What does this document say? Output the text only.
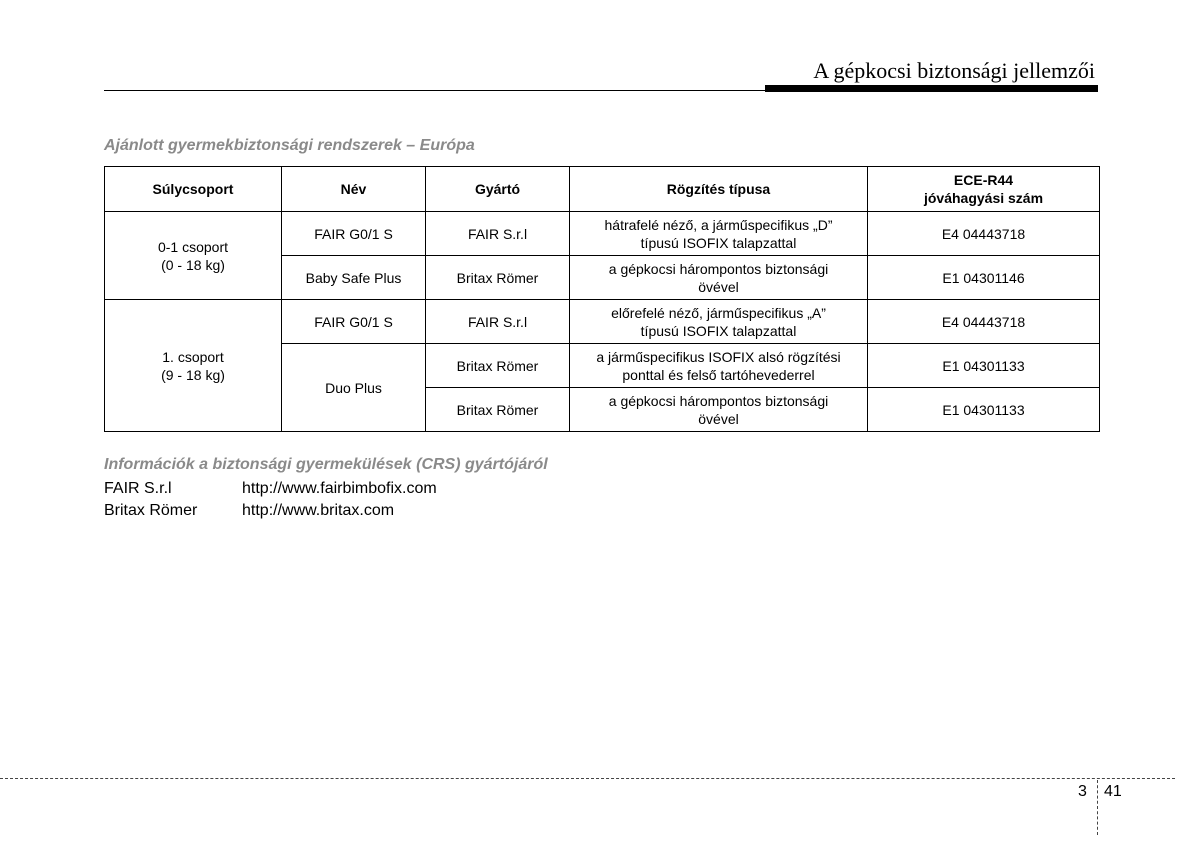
A gépkocsi biztonsági jellemzői
Ajánlott gyermekbiztonsági rendszerek – Európa
Súlycsoport	Név	Gyártó	Rögzítés típusa	ECE-R44
jóváhagyási szám
0-1 csoport
(0 - 18 kg)	FAIR G0/1 S	FAIR S.r.l	hátrafelé néző, a járműspecifikus „D”
típusú ISOFIX talapzattal	E4 04443718
	Baby Safe Plus	Britax Römer	a gépkocsi hárompontos biztonsági
övével	E1 04301146
1. csoport
(9 - 18 kg)	FAIR G0/1 S	FAIR S.r.l	előrefelé néző, járműspecifikus „A”
típusú ISOFIX talapzattal	E4 04443718
	Duo Plus	Britax Römer	a járműspecifikus ISOFIX alsó rögzítési
ponttal és felső tartóhevederrel	E1 04301133
		Britax Römer	a gépkocsi hárompontos biztonsági
övével	E1 04301133
Információk a biztonsági gyermekülések (CRS) gyártójáról
FAIR S.r.l	http://www.fairbimbofix.com
Britax Römer	http://www.britax.com
3 41
